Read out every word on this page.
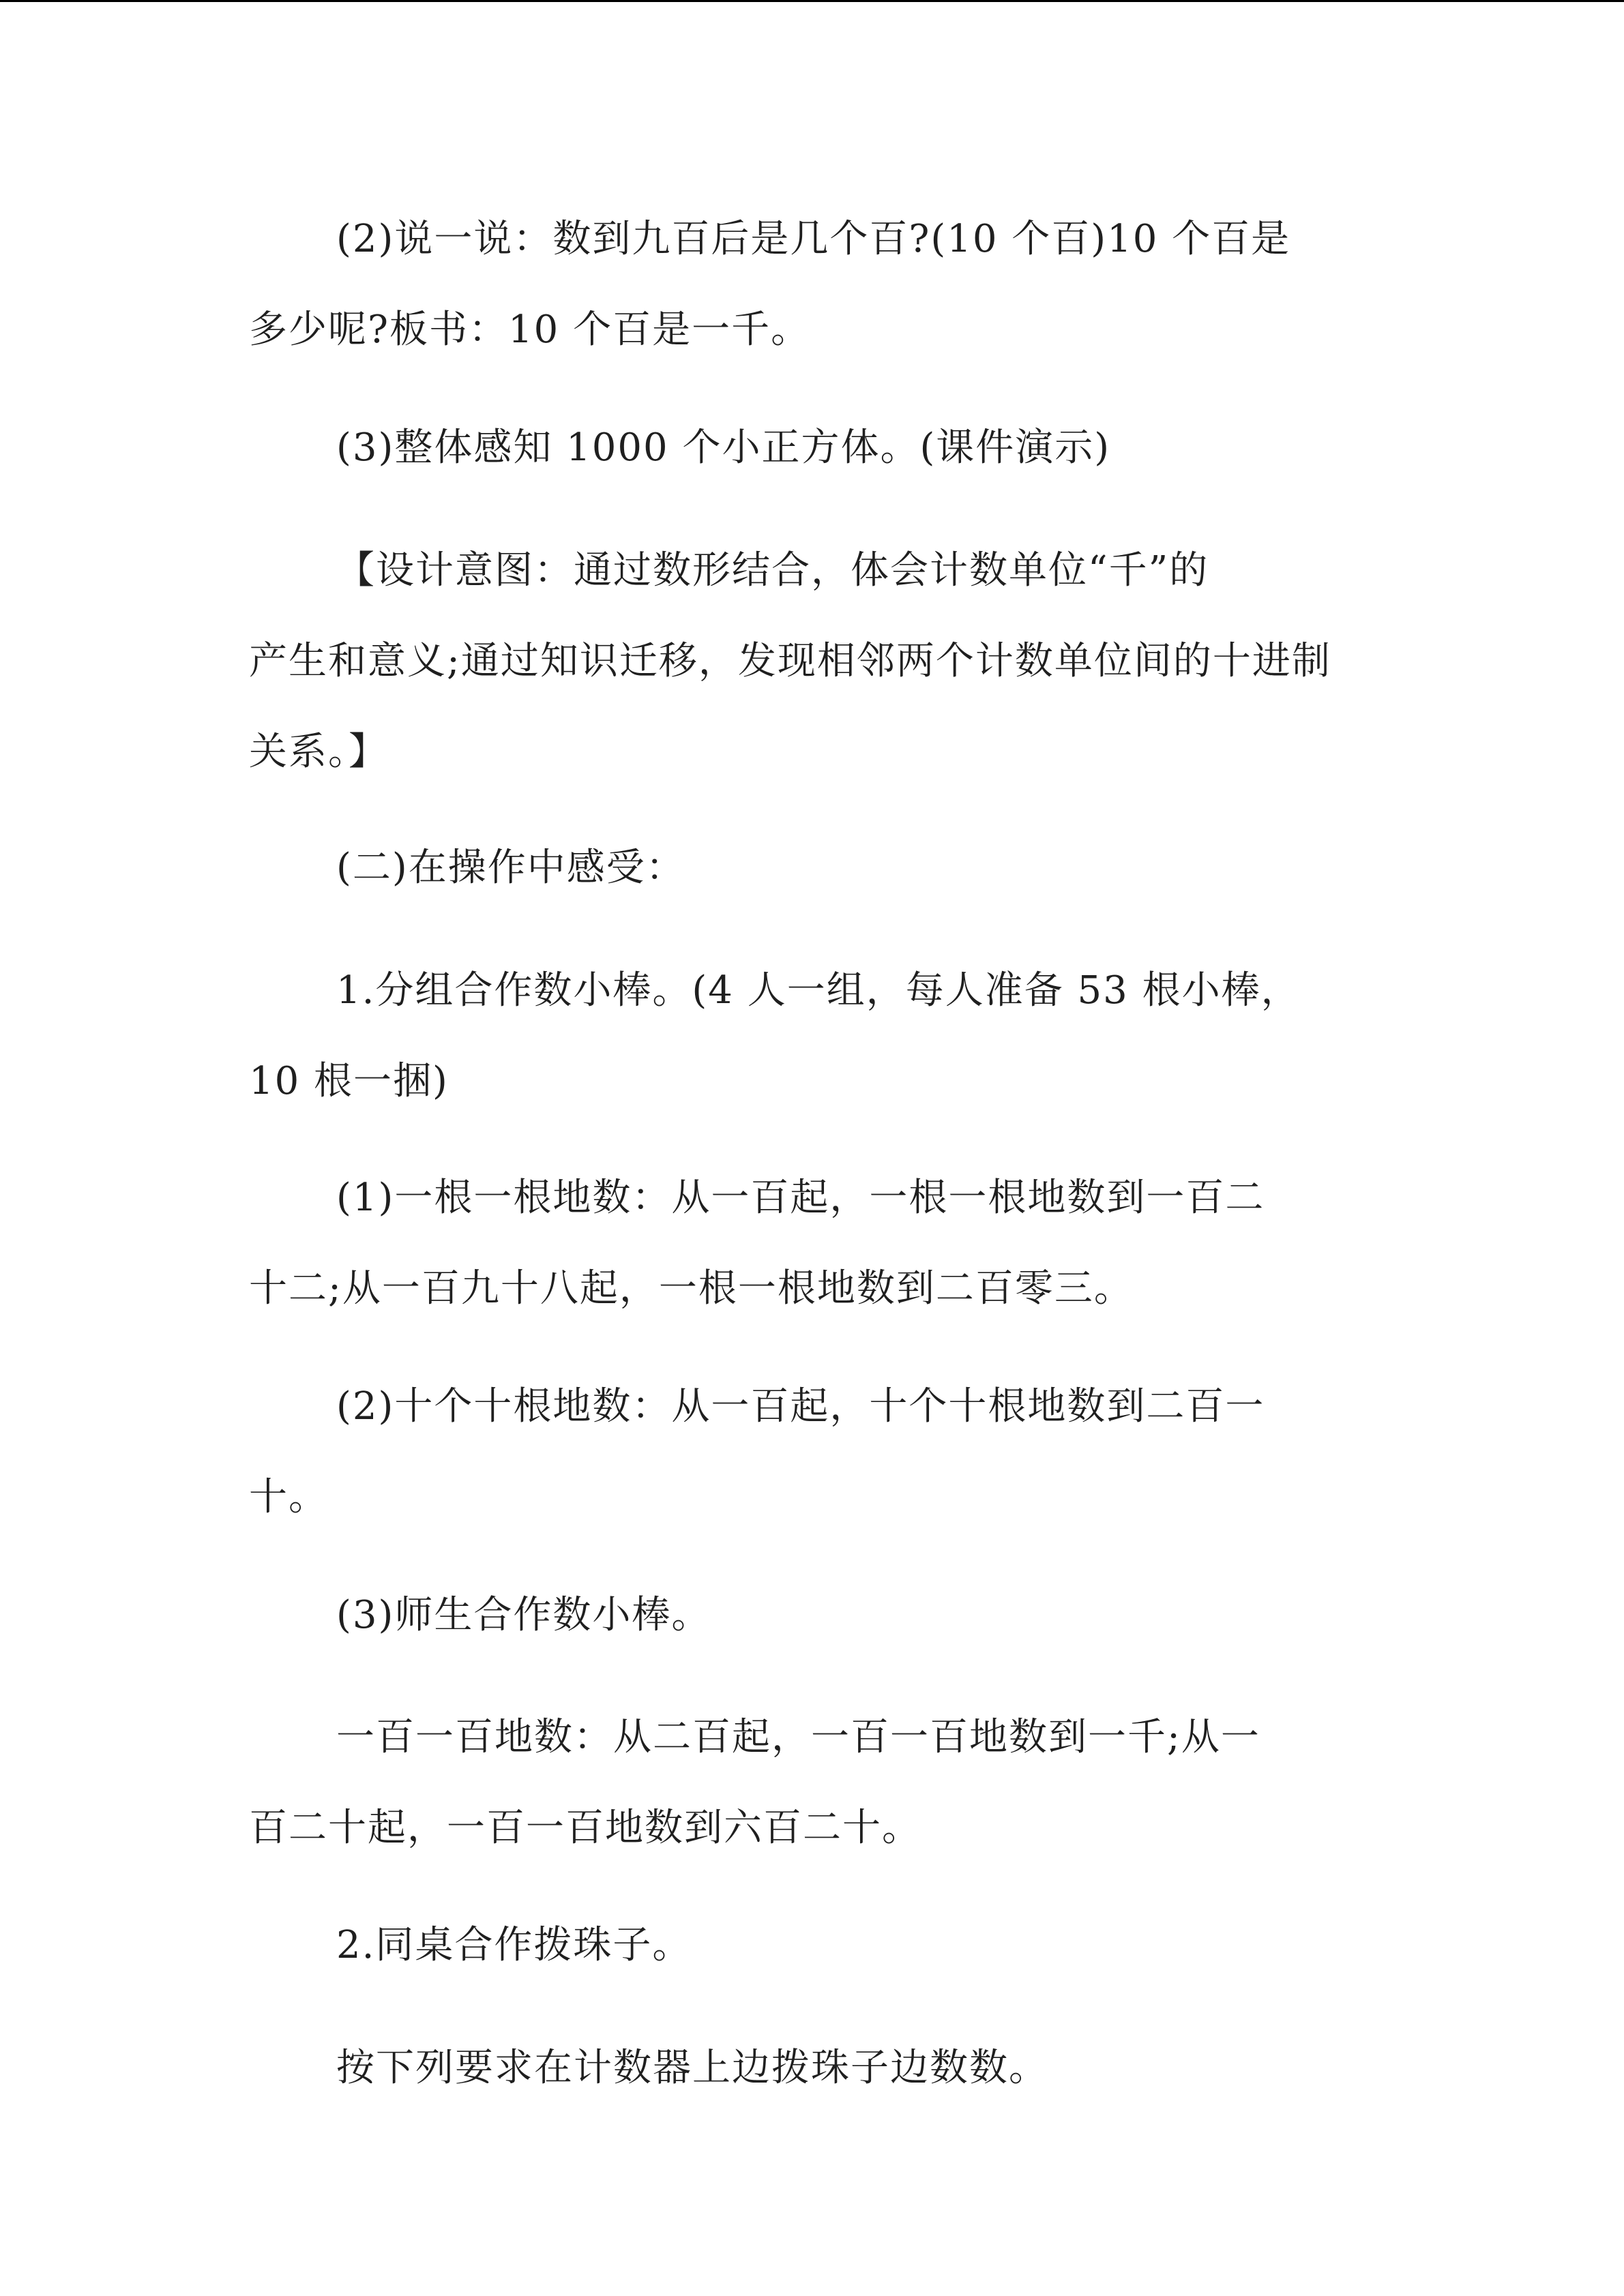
(2)说一说：数到九百后是几个百?(10 个百)10 个百是
多少呢?板书：10 个百是一千。

(3)整体感知 1000 个小正方体。(课件演示)

【设计意图：通过数形结合，体会计数单位“千”的
产生和意义;通过知识迁移，发现相邻两个计数单位间的十进制关系。】

(二)在操作中感受：

1.分组合作数小棒。(4 人一组，每人准备 53 根小棒，
10 根一捆)

(1)一根一根地数：从一百起，一根一根地数到一百二
十二;从一百九十八起，一根一根地数到二百零三。

(2)十个十根地数：从一百起，十个十根地数到二百一
十。

(3)师生合作数小棒。

一百一百地数：从二百起，一百一百地数到一千;从一
百二十起，一百一百地数到六百二十。

2.同桌合作拨珠子。

按下列要求在计数器上边拨珠子边数数。
